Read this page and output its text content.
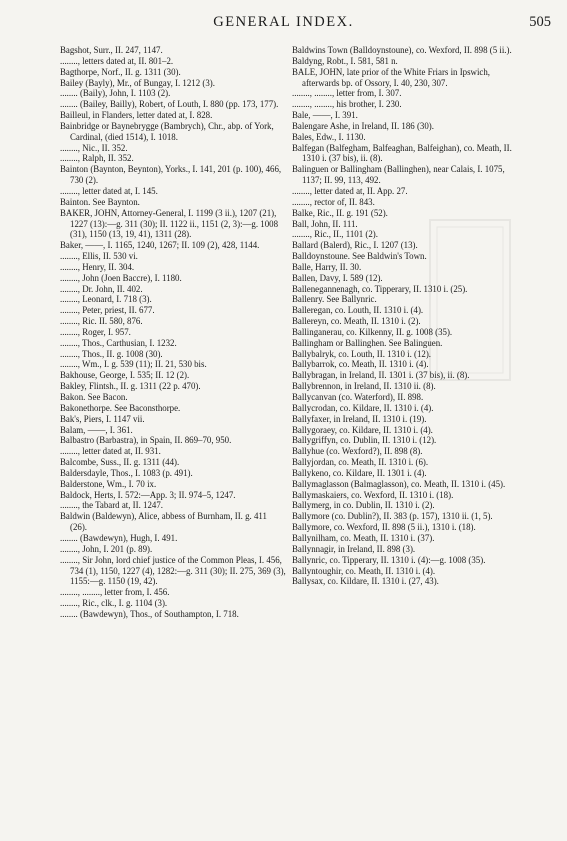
GENERAL INDEX.	505

Bagshot, Surr., II. 247, 1147.

........, letters dated at, II. 801–2.

Bagthorpe, Norf., II. g. 1311 (30).

Bailey (Bayly), Mr., of Bungay, I. 1212 (3).

........ (Baily), John, I. 1103 (2).

........ (Bailey, Bailly), Robert, of Louth, I. 880 (pp. 173, 177).

Bailleul, in Flanders, letter dated at, I. 828.

Bainbridge or Baynebrygge (Bambrych), Chr., abp. of York, Cardinal, (died 1514), I. 1018.

........, Nic., II. 352.

........, Ralph, II. 352.

Bainton (Baynton, Beynton), Yorks., I. 141, 201 (p. 100), 466, 730 (2).

........, letter dated at, I. 145.

Bainton. See Baynton.

BAKER, JOHN, Attorney-General, I. 1199 (3 ii.), 1207 (21), 1227 (13):—g. 311 (30); II. 1122 ii., 1151 (2, 3):—g. 1008 (31), 1150 (13, 19, 41), 1311 (28).

Baker, ——, I. 1165, 1240, 1267; II. 109 (2), 428, 1144.

........, Ellis, II. 530 vi.

........, Henry, II. 304.

........, John (Joen Baccre), I. 1180.

........, Dr. John, II. 402.

........, Leonard, I. 718 (3).

........, Peter, priest, II. 677.

........, Ric. II. 580, 876.

........, Roger, I. 957.

........, Thos., Carthusian, I. 1232.

........, Thos., II. g. 1008 (30).

........, Wm., I. g. 539 (11); II. 21, 530 bis.

Bakhouse, George, I. 535; II. 12 (2).

Bakley, Flintsh., II. g. 1311 (22 p. 470).

Bakon. See Bacon.

Bakonethorpe. See Baconsthorpe.

Bak's, Piers, I. 1147 vii.

Balam, ——, I. 361.

Balbastro (Barbastra), in Spain, II. 869–70, 950.

........, letter dated at, II. 931.

Balcombe, Suss., II. g. 1311 (44).

Baldersdayle, Thos., I. 1083 (p. 491).

Balderstone, Wm., I. 70 ix.

Baldock, Herts, I. 572:—App. 3; II. 974–5, 1247.

........, the Tabard at, II. 1247.

Baldwin (Baldewyn), Alice, abbess of Burnham, II. g. 411 (26).

........ (Bawdewyn), Hugh, I. 491.

........, John, I. 201 (p. 89).

........, Sir John, lord chief justice of the Common Pleas, I. 456, 734 (1), 1150, 1227 (4), 1282:—g. 311 (30); II. 275, 369 (3), 1155:—g. 1150 (19, 42).

........, ........, letter from, I. 456.

........, Ric., clk., I. g. 1104 (3).

........ (Bawdewyn), Thos., of Southampton, I. 718.

Baldwins Town (Balldoynstoune), co. Wexford, II. 898 (5 ii.).

Baldyng, Robt., I. 581, 581 n.

BALE, JOHN, late prior of the White Friars in Ipswich, afterwards bp. of Ossory, I. 40, 230, 307.

........, ........, letter from, I. 307.

........, ........, his brother, I. 230.

Bale, ——, I. 391.

Balengare Ashe, in Ireland, II. 186 (30).

Bales, Edw., I. 1130.

Balfegan (Balfegham, Balfeaghan, Balfeighan), co. Meath, II. 1310 i. (37 bis), ii. (8).

Balinguen or Ballingham (Ballinghen), near Calais, I. 1075, 1137; II. 99, 113, 492.

........, letter dated at, II. App. 27.

........, rector of, II. 843.

Balke, Ric., II. g. 191 (52).

Ball, John, II. 111.

........, Ric., II., 1101 (2).

Ballard (Balerd), Ric., I. 1207 (13).

Balldoynstoune. See Baldwin's Town.

Balle, Harry, II. 30.

Ballen, Davy, I. 589 (12).

Ballenegannenagh, co. Tipperary, II. 1310 i. (25).

Ballenry. See Ballynric.

Balleregan, co. Louth, II. 1310 i. (4).

Ballereyn, co. Meath, II. 1310 i. (2).

Ballinganerau, co. Kilkenny, II. g. 1008 (35).

Ballingham or Ballinghen. See Balinguen.

Ballybalryk, co. Louth, II. 1310 i. (12).

Ballybarrok, co. Meath, II. 1310 i. (4).

Ballybragan, in Ireland, II. 1301 i. (37 bis), ii. (8).

Ballybrennon, in Ireland, II. 1310 ii. (8).

Ballycanvan (co. Waterford), II. 898.

Ballycrodan, co. Kildare, II. 1310 i. (4).

Ballyfaxer, in Ireland, II. 1310 i. (19).

Ballygoraey, co. Kildare, II. 1310 i. (4).

Ballygriffyn, co. Dublin, II. 1310 i. (12).

Ballyhue (co. Wexford?), II. 898 (8).

Ballyjordan, co. Meath, II. 1310 i. (6).

Ballykeno, co. Kildare, II. 1301 i. (4).

Ballymaglasson (Balmaglasson), co. Meath, II. 1310 i. (45).

Ballymaskaiers, co. Wexford, II. 1310 i. (18).

Ballymerg, in co. Dublin, II. 1310 i. (2).

Ballymore (co. Dublin?), II. 383 (p. 157), 1310 ii. (1, 5).

Ballymore, co. Wexford, II. 898 (5 ii.), 1310 i. (18).

Ballynilham, co. Meath, II. 1310 i. (37).

Ballynnagir, in Ireland, II. 898 (3).

Ballynric, co. Tipperary, II. 1310 i. (4):—g. 1008 (35).

Ballyntoughir, co. Meath, II. 1310 i. (4).

Ballysax, co. Kildare, II. 1310 i. (27, 43).
